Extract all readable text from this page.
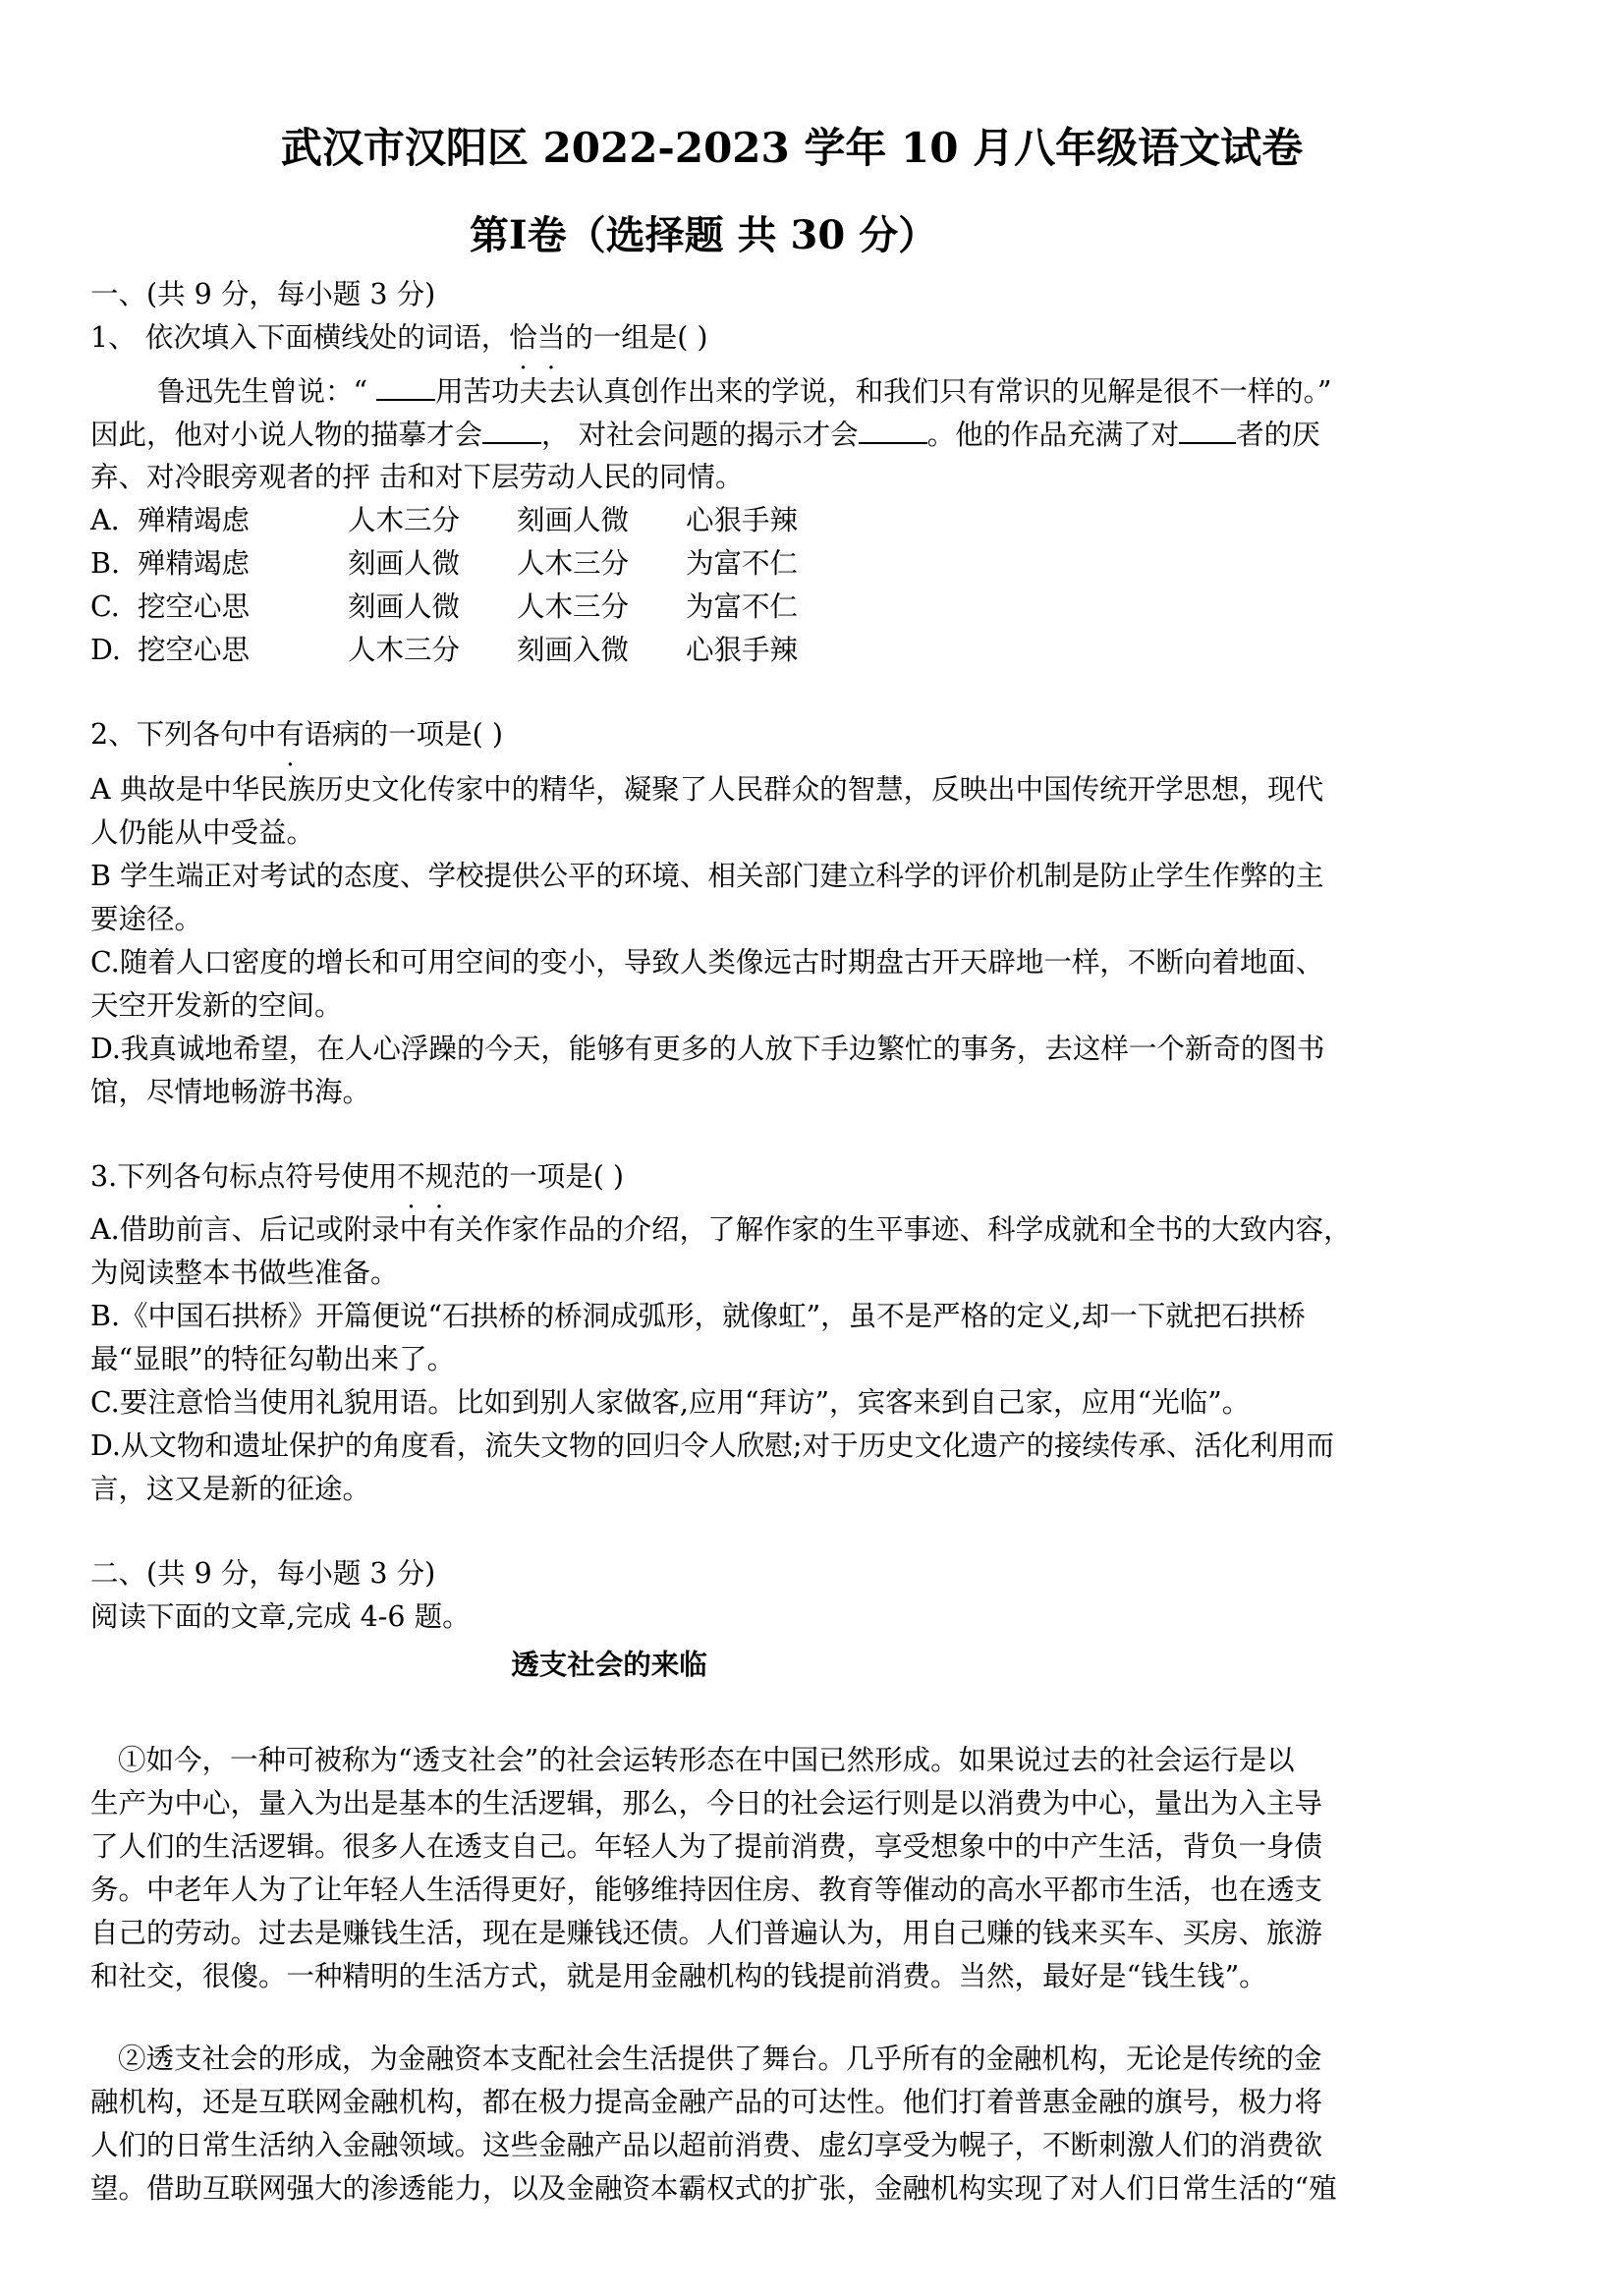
武汉市汉阳区 2022-2023 学年 10 月八年级语文试卷
第Ⅰ卷（选择题 共 30 分）
一、(共 9 分，每小题 3 分)
1、 依次填入下面横线处的词语，恰当的一组是( )
鲁迅先生曾说：“ 用苦功夫去认真创作出来的学说，和我们只有常识的见解是很不一样的。”
因此，他对小说人物的描摹才会 ， 对社会问题的揭示才会 。他的作品充满了对 者的厌
弃、对冷眼旁观者的抨 击和对下层劳动人民的同情。
A. 殚精竭虑	人木三分 刻画人微 心狠手辣
B. 殚精竭虑	刻画人微 人木三分 为富不仁
C. 挖空心思	刻画人微 人木三分 为富不仁
D. 挖空心思	人木三分 刻画入微 心狠手辣
2、下列各句中有语病的一项是( )
A 典故是中华民族历史文化传家中的精华，凝聚了人民群众的智慧，反映出中国传统开学思想，现代
人仍能从中受益。
B 学生端正对考试的态度、学校提供公平的环境、相关部门建立科学的评价机制是防止学生作弊的主
要途径。
C.随着人口密度的增长和可用空间的变小，导致人类像远古时期盘古开天辟地一样，不断向着地面、
天空开发新的空间。
D.我真诚地希望，在人心浮躁的今天，能够有更多的人放下手边繁忙的事务，去这样一个新奇的图书
馆，尽情地畅游书海。
3.下列各句标点符号使用不规范的一项是( )
A.借助前言、后记或附录中有关作家作品的介绍，了解作家的生平事迹、科学成就和全书的大致内容，
为阅读整本书做些准备。
B.《中国石拱桥》开篇便说“石拱桥的桥洞成弧形，就像虹”，虽不是严格的定义,却一下就把石拱桥
最“显眼”的特征勾勒出来了。
C.要注意恰当使用礼貌用语。比如到别人家做客,应用“拜访”，宾客来到自己家，应用“光临”。
D.从文物和遗址保护的角度看，流失文物的回归令人欣慰;对于历史文化遗产的接续传承、活化利用而
言，这又是新的征途。
二、(共 9 分，每小题 3 分)
阅读下面的文章,完成 4-6 题。
透支社会的来临
①如今，一种可被称为“透支社会”的社会运转形态在中国已然形成。如果说过去的社会运行是以
生产为中心，量入为出是基本的生活逻辑，那么，今日的社会运行则是以消费为中心，量出为入主导
了人们的生活逻辑。很多人在透支自己。年轻人为了提前消费，享受想象中的中产生活，背负一身债
务。中老年人为了让年轻人生活得更好，能够维持因住房、教育等催动的高水平都市生活，也在透支
自己的劳动。过去是赚钱生活，现在是赚钱还债。人们普遍认为，用自己赚的钱来买车、买房、旅游
和社交，很傻。一种精明的生活方式，就是用金融机构的钱提前消费。当然，最好是“钱生钱”。
②透支社会的形成，为金融资本支配社会生活提供了舞台。几乎所有的金融机构，无论是传统的金
融机构，还是互联网金融机构，都在极力提高金融产品的可达性。他们打着普惠金融的旗号，极力将
人们的日常生活纳入金融领域。这些金融产品以超前消费、虚幻享受为幌子，不断刺激人们的消费欲
望。借助互联网强大的渗透能力，以及金融资本霸权式的扩张，金融机构实现了对人们日常生活的“殖
